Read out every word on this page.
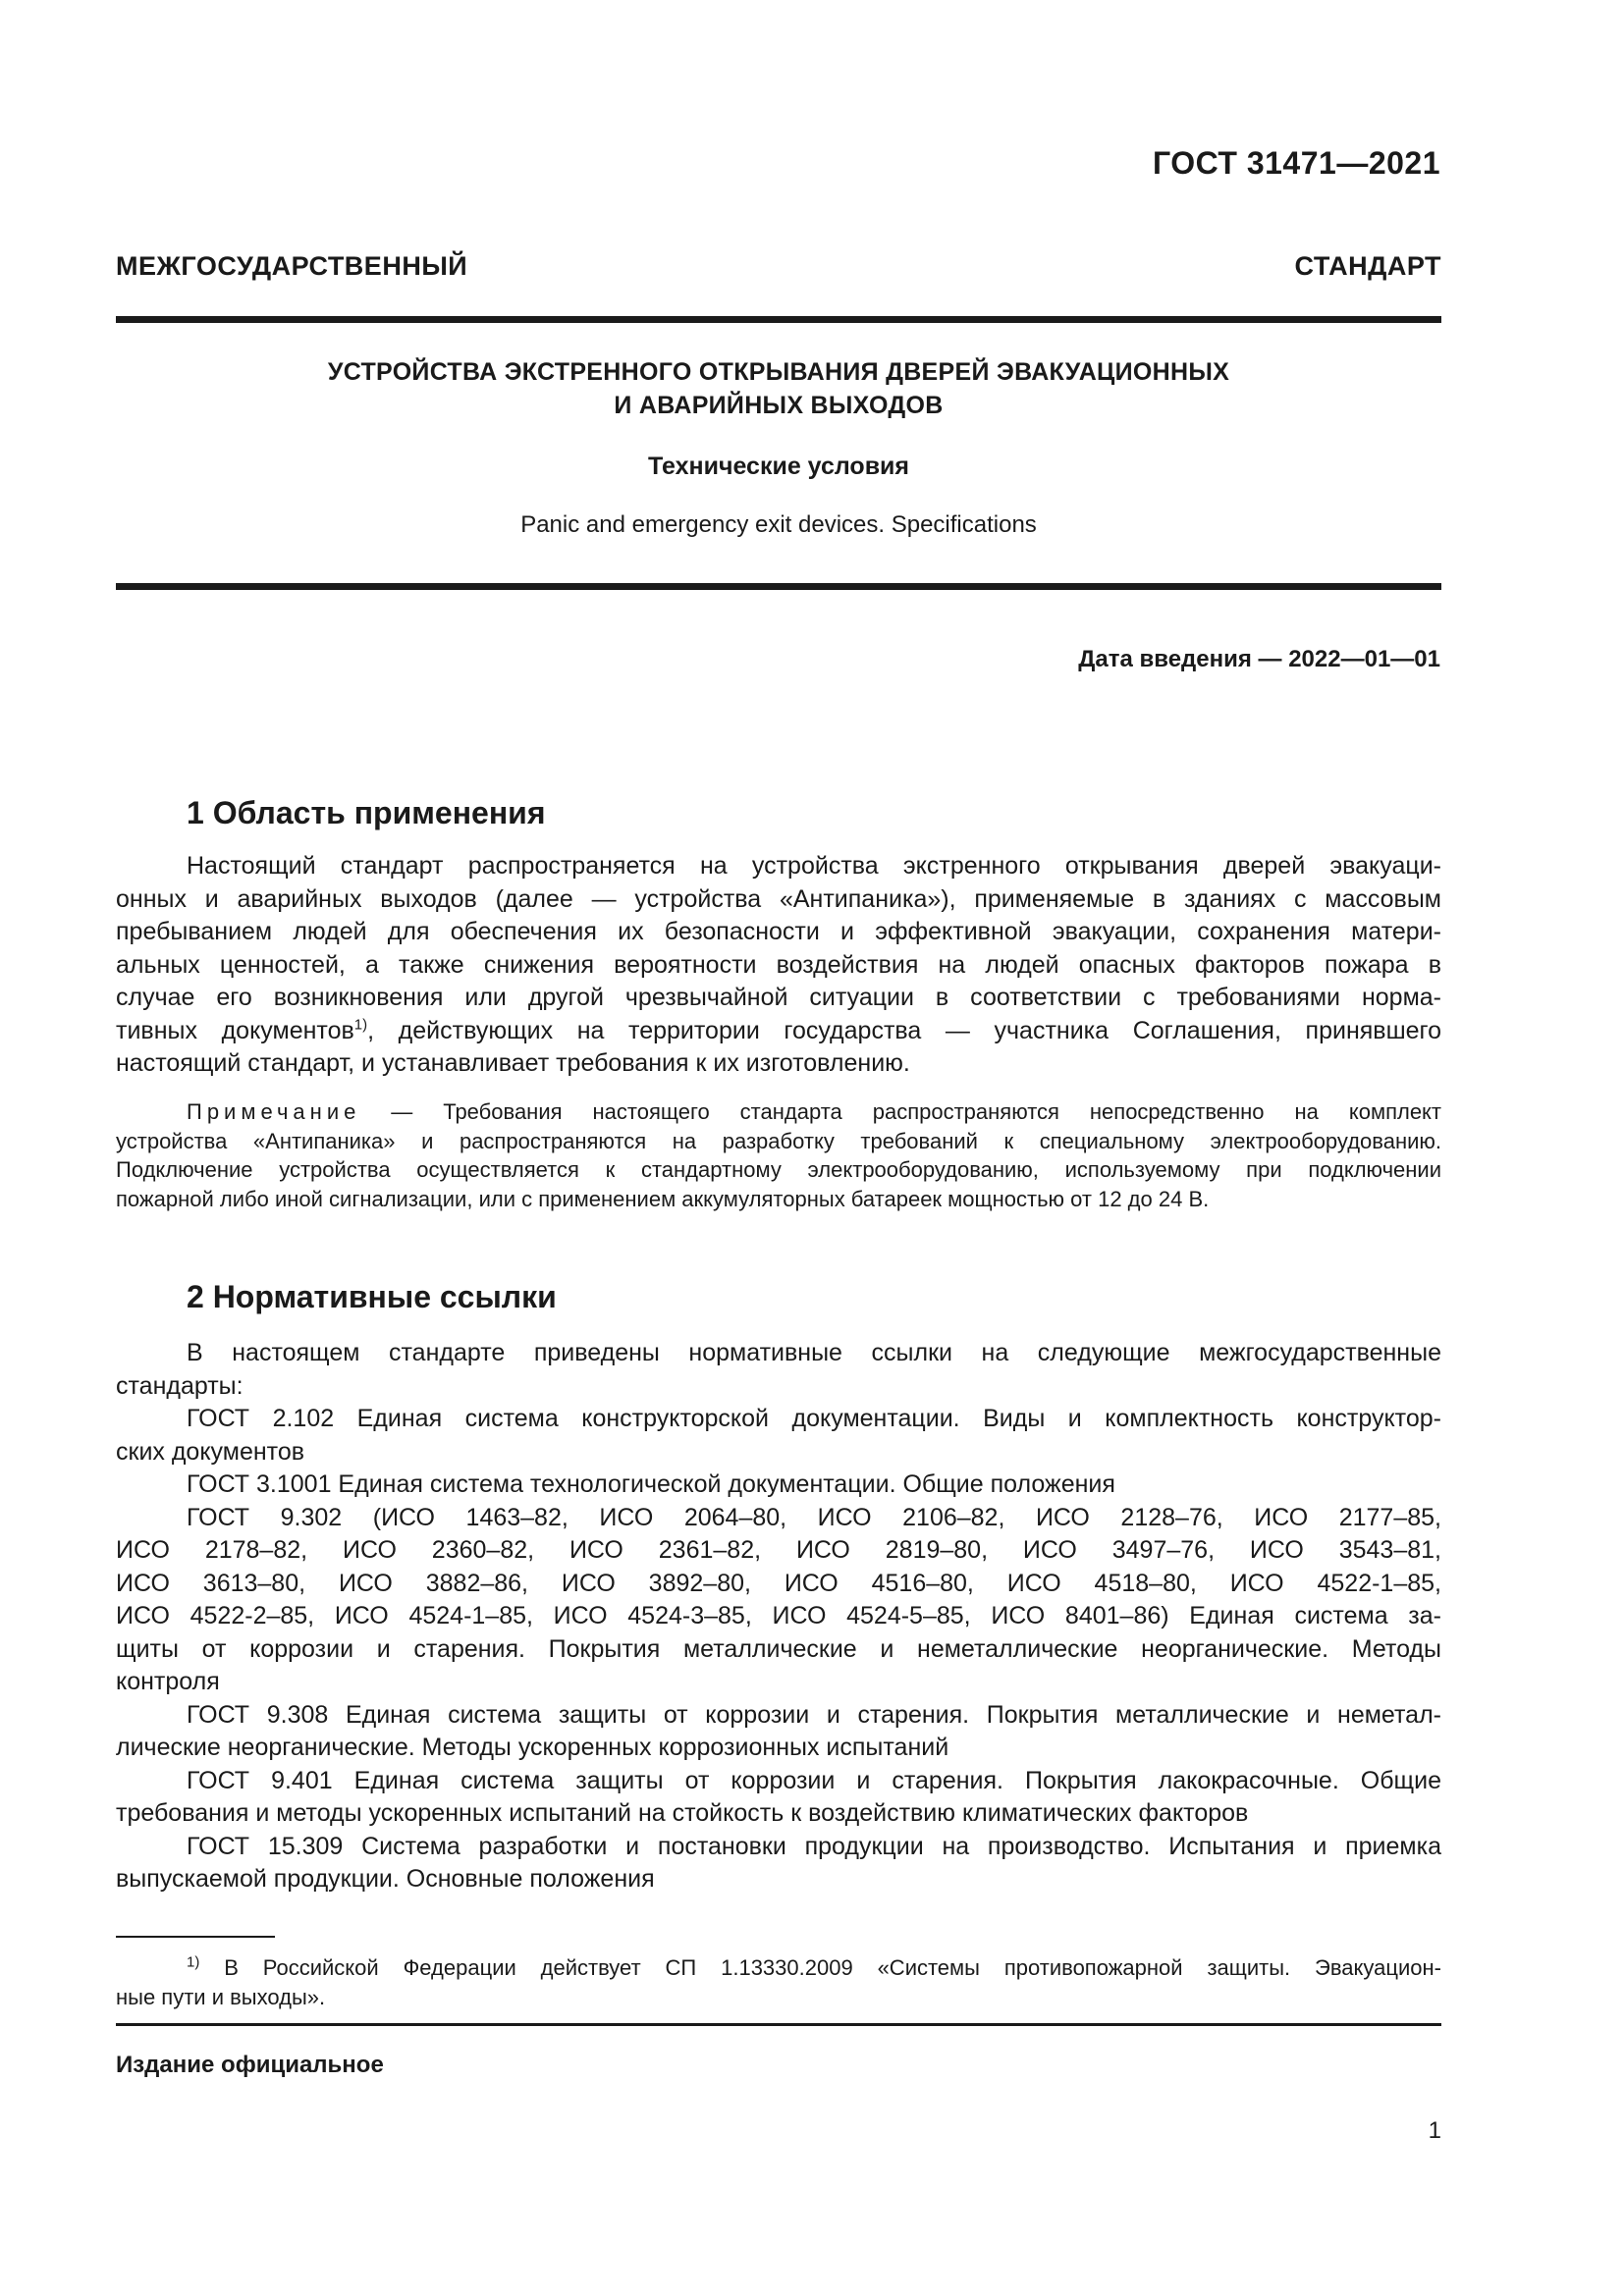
ГОСТ 31471—2021
МЕЖГОСУДАРСТВЕННЫЙ СТАНДАРТ
УСТРОЙСТВА ЭКСТРЕННОГО ОТКРЫВАНИЯ ДВЕРЕЙ ЭВАКУАЦИОННЫХ
И АВАРИЙНЫХ ВЫХОДОВ
Технические условия
Panic and emergency exit devices. Specifications
Дата введения — 2022—01—01
1 Область применения
Настоящий стандарт распространяется на устройства экстренного открывания дверей эвакуаци-
онных и аварийных выходов (далее — устройства «Антипаника»), применяемые в зданиях с массовым
пребыванием людей для обеспечения их безопасности и эффективной эвакуации, сохранения матери-
альных ценностей, а также снижения вероятности воздействия на людей опасных факторов пожара в
случае его возникновения или другой чрезвычайной ситуации в соответствии с требованиями норма-
тивных документов$^{1)}$, действующих на территории государства — участника Соглашения, принявшего
настоящий стандарт, и устанавливает требования к их изготовлению.
Примечание — Требования настоящего стандарта распространяются непосредственно на комплект
устройства «Антипаника» и распространяются на разработку требований к специальному электрооборудованию.
Подключение устройства осуществляется к стандартному электрооборудованию, используемому при подключении
пожарной либо иной сигнализации, или с применением аккумуляторных батареек мощностью от 12 до 24 В.
2 Нормативные ссылки
В настоящем стандарте приведены нормативные ссылки на следующие межгосударственные
стандарты:
ГОСТ 2.102 Единая система конструкторской документации. Виды и комплектность конструктор-
ских документов
ГОСТ 3.1001 Единая система технологической документации. Общие положения
ГОСТ 9.302 (ИСО 1463–82, ИСО 2064–80, ИСО 2106–82, ИСО 2128–76, ИСО 2177–85,
ИСО 2178–82, ИСО 2360–82, ИСО 2361–82, ИСО 2819–80, ИСО 3497–76, ИСО 3543–81,
ИСО 3613–80, ИСО 3882–86, ИСО 3892–80, ИСО 4516–80, ИСО 4518–80, ИСО 4522-1–85,
ИСО 4522-2–85, ИСО 4524-1–85, ИСО 4524-3–85, ИСО 4524-5–85, ИСО 8401–86) Единая система за-
щиты от коррозии и старения. Покрытия металлические и неметаллические неорганические. Методы
контроля
ГОСТ 9.308 Единая система защиты от коррозии и старения. Покрытия металлические и неметал-
лические неорганические. Методы ускоренных коррозионных испытаний
ГОСТ 9.401 Единая система защиты от коррозии и старения. Покрытия лакокрасочные. Общие
требования и методы ускоренных испытаний на стойкость к воздействию климатических факторов
ГОСТ 15.309 Система разработки и постановки продукции на производство. Испытания и приемка
выпускаемой продукции. Основные положения
$^{1)}$ В Российской Федерации действует СП 1.13330.2009 «Системы противопожарной защиты. Эвакуацион-
ные пути и выходы».
Издание официальное
1
